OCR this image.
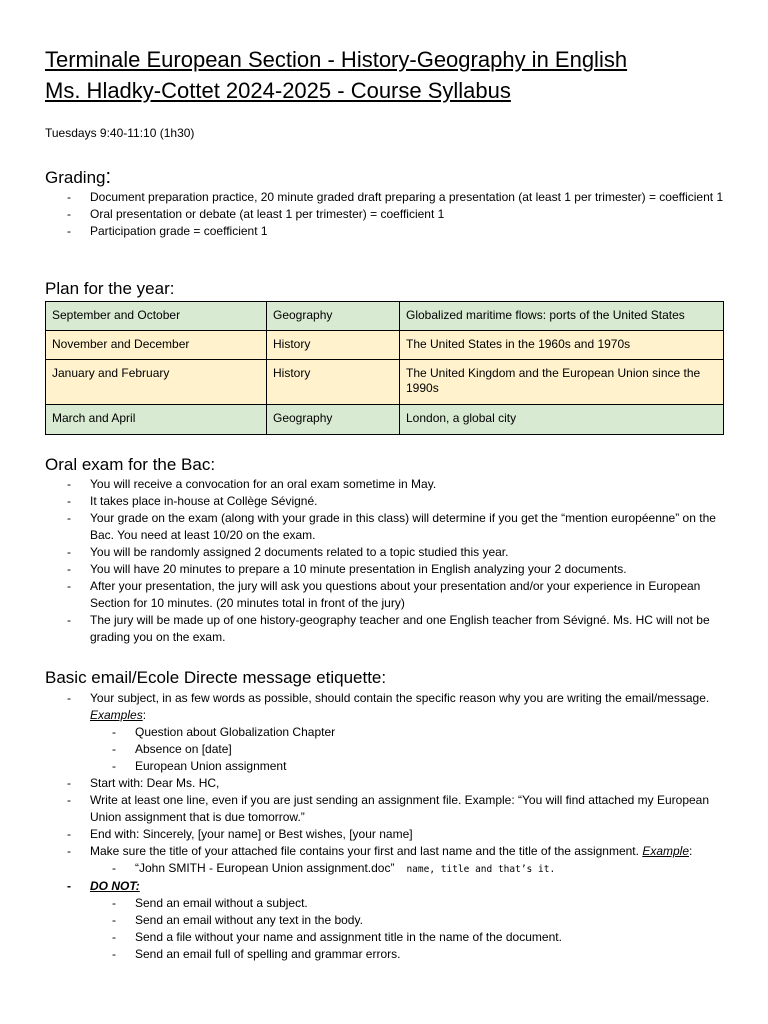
Terminale European Section - History-Geography in English
Ms. Hladky-Cottet 2024-2025 - Course Syllabus
Tuesdays 9:40-11:10 (1h30)
Grading:
- Document preparation practice, 20 minute graded draft preparing a presentation (at least 1 per trimester) = coefficient 1
- Oral presentation or debate (at least 1 per trimester) = coefficient 1
- Participation grade = coefficient 1
Plan for the year:
September and October	Geography	Globalized maritime flows: ports of the United States
November and December	History	The United States in the 1960s and 1970s
January and February	History	The United Kingdom and the European Union since the 1990s
March and April	Geography	London, a global city
Oral exam for the Bac:
- You will receive a convocation for an oral exam sometime in May.
- It takes place in-house at Collège Sévigné.
- Your grade on the exam (along with your grade in this class) will determine if you get the “mention européenne” on the Bac. You need at least 10/20 on the exam.
- You will be randomly assigned 2 documents related to a topic studied this year.
- You will have 20 minutes to prepare a 10 minute presentation in English analyzing your 2 documents.
- After your presentation, the jury will ask you questions about your presentation and/or your experience in European Section for 10 minutes. (20 minutes total in front of the jury)
- The jury will be made up of one history-geography teacher and one English teacher from Sévigné. Ms. HC will not be grading you on the exam.
Basic email/Ecole Directe message etiquette:
- Your subject, in as few words as possible, should contain the specific reason why you are writing the email/message. Examples:
- Question about Globalization Chapter
- Absence on [date]
- European Union assignment
- Start with: Dear Ms. HC,
- Write at least one line, even if you are just sending an assignment file. Example: “You will find attached my European Union assignment that is due tomorrow.”
- End with: Sincerely, [your name] or Best wishes, [your name]
- Make sure the title of your attached file contains your first and last name and the title of the assignment. Example:
- “John SMITH - European Union assignment.doc” name, title and that’s it.
- DO NOT:
- Send an email without a subject.
- Send an email without any text in the body.
- Send a file without your name and assignment title in the name of the document.
- Send an email full of spelling and grammar errors.
